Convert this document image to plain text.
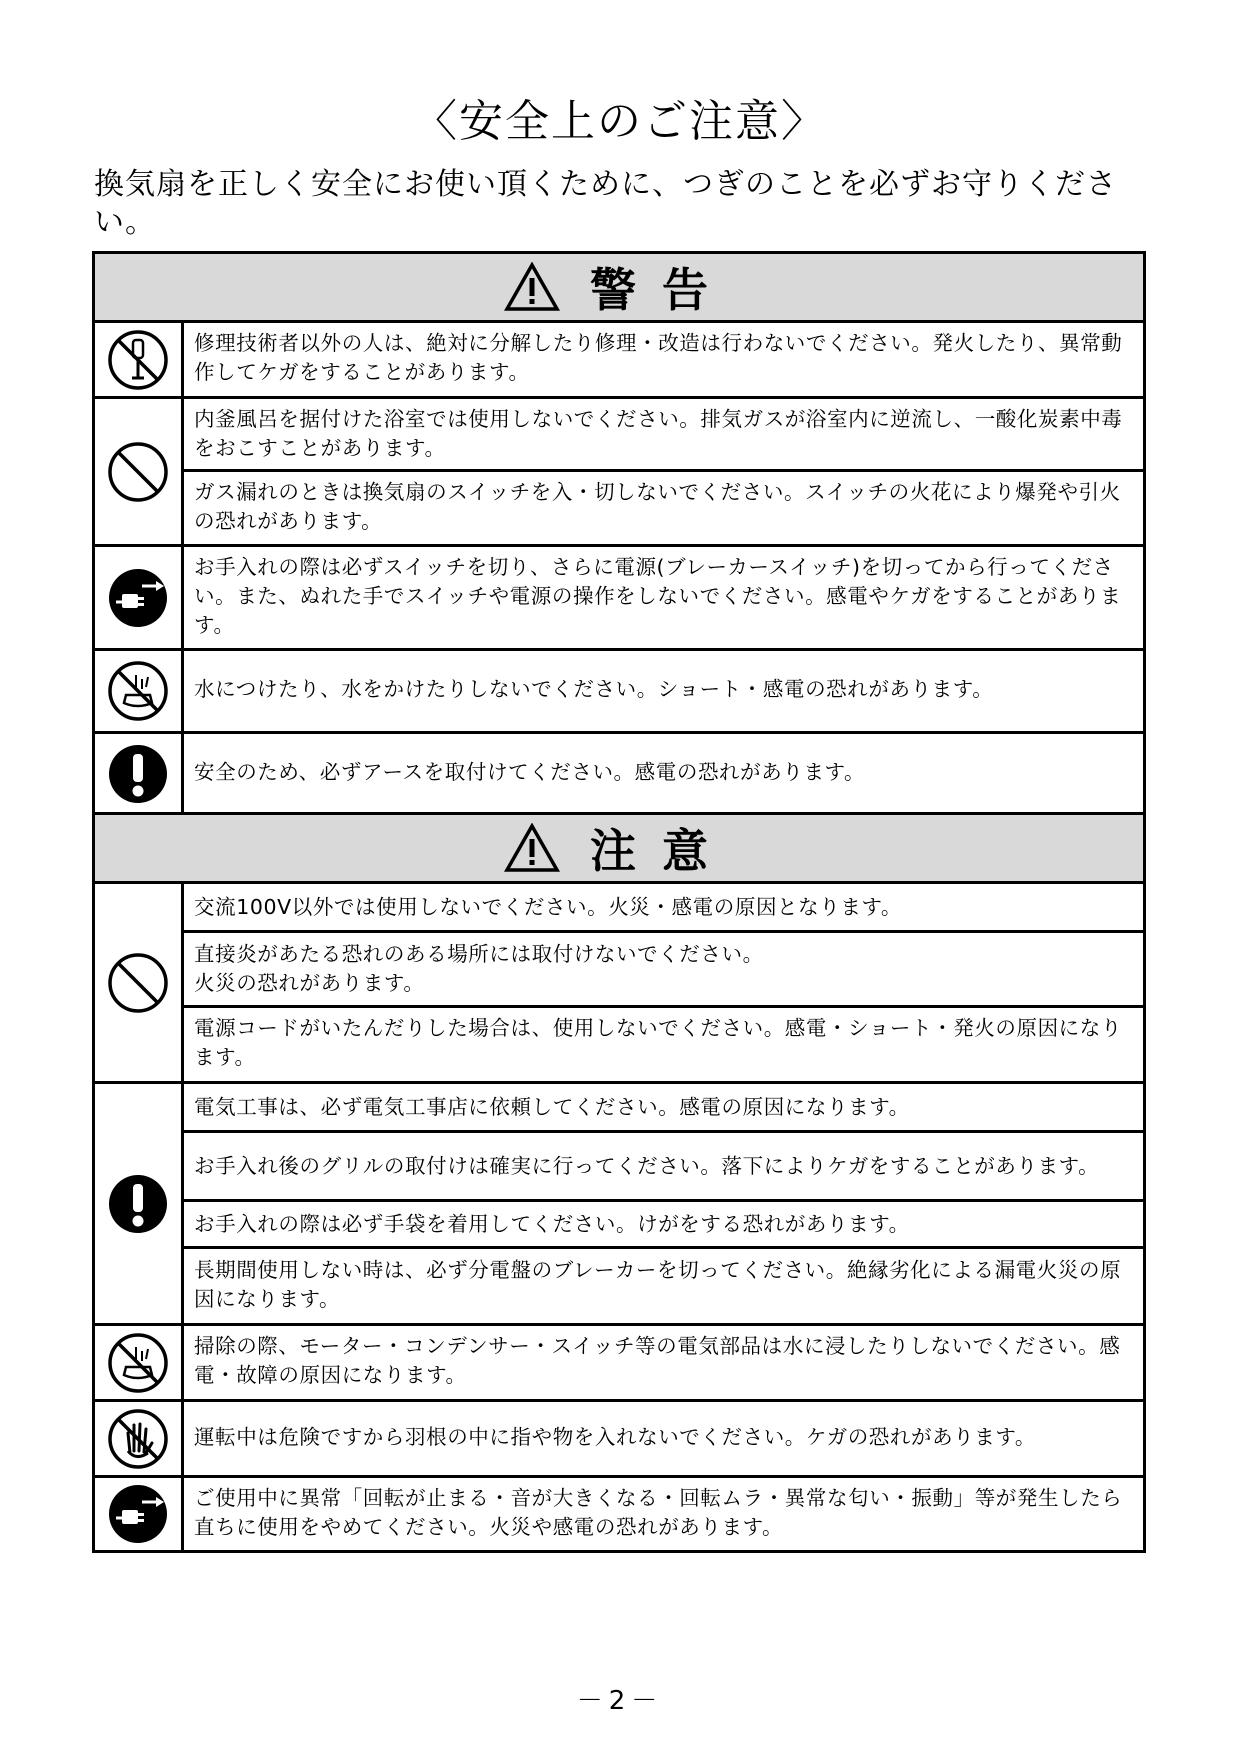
〈安全上のご注意〉
換気扇を正しく安全にお使い頂くために、つぎのことを必ずお守りください。
警告
修理技術者以外の人は、絶対に分解したり修理・改造は行わないでください。発火したり、異常動作してケガをすることがあります。
内釜風呂を据付けた浴室では使用しないでください。排気ガスが浴室内に逆流し、一酸化炭素中毒をおこすことがあります。
ガス漏れのときは換気扇のスイッチを入・切しないでください。スイッチの火花により爆発や引火の恐れがあります。
お手入れの際は必ずスイッチを切り、さらに電源(ブレーカースイッチ)を切ってから行ってください。また、ぬれた手でスイッチや電源の操作をしないでください。感電やケガをすることがあります。
水につけたり、水をかけたりしないでください。ショート・感電の恐れがあります。
安全のため、必ずアースを取付けてください。感電の恐れがあります。
注意
交流100V以外では使用しないでください。火災・感電の原因となります。
直接炎があたる恐れのある場所には取付けないでください。
火災の恐れがあります。
電源コードがいたんだりした場合は、使用しないでください。感電・ショート・発火の原因になります。
電気工事は、必ず電気工事店に依頼してください。感電の原因になります。
お手入れ後のグリルの取付けは確実に行ってください。落下によりケガをすることがあります。
お手入れの際は必ず手袋を着用してください。けがをする恐れがあります。
長期間使用しない時は、必ず分電盤のブレーカーを切ってください。絶縁劣化による漏電火災の原因になります。
掃除の際、モーター・コンデンサー・スイッチ等の電気部品は水に浸したりしないでください。感電・故障の原因になります。
運転中は危険ですから羽根の中に指や物を入れないでください。ケガの恐れがあります。
ご使用中に異常「回転が止まる・音が大きくなる・回転ムラ・異常な匂い・振動」等が発生したら直ちに使用をやめてください。火災や感電の恐れがあります。
－2－
